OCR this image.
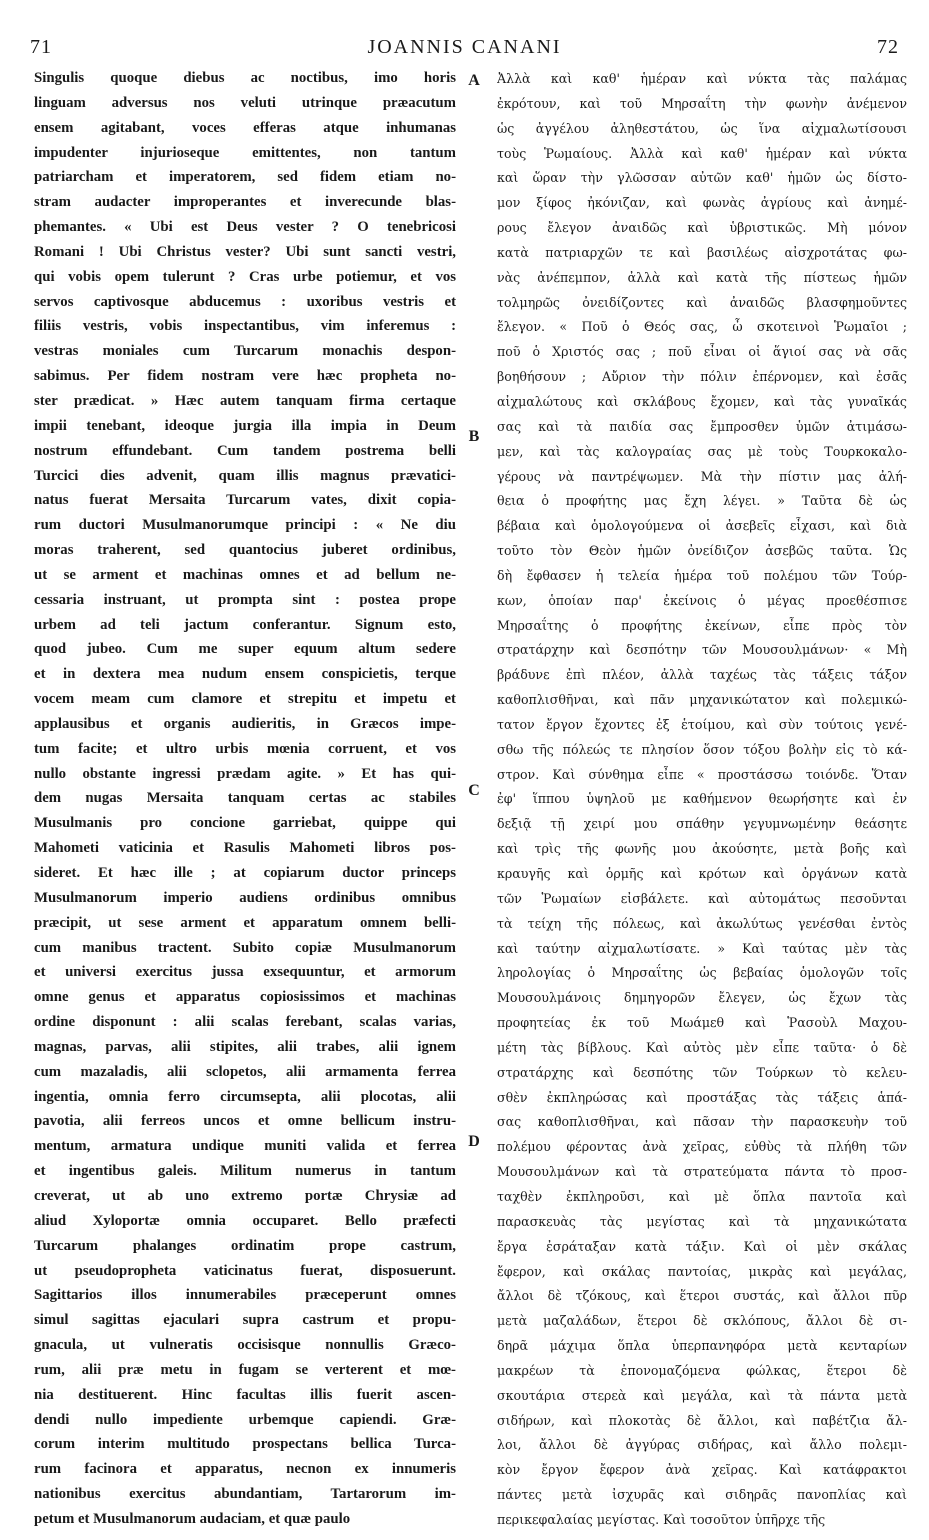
71	JOANNIS CANANI	72
Singulis quoque diebus ac noctibus, imo horis
linguam adversus nos veluti utrinque præacutum
ensem agitabant, voces efferas atque inhumanas
impudenter injurioseque emittentes, non tantum
patriarcham et imperatorem, sed fidem etiam no-
stram audacter improperantes et inverecunde blas-
phemantes. « Ubi est Deus vester ? O tenebricosi
Romani ! Ubi Christus vester? Ubi sunt sancti vestri,
qui vobis opem tulerunt ? Cras urbe potiemur, et vos
servos captivosque abducemus : uxoribus vestris et
filiis vestris, vobis inspectantibus, vim inferemus :
vestras moniales cum Turcarum monachis despon-
sabimus. Per fidem nostram vere hæc propheta no-
ster prædicat. » Hæc autem tanquam firma certaque
impii tenebant, ideoque jurgia illa impia in Deum
nostrum effundebant. Cum tandem postrema belli
Turcici dies advenit, quam illis magnus prævatici-
natus fuerat Mersaita Turcarum vates, dixit copia-
rum ductori Musulmanorumque principi : « Ne diu
moras traherent, sed quantocius juberet ordinibus,
ut se arment et machinas omnes et ad bellum ne-
cessaria instruant, ut prompta sint : postea prope
urbem ad teli jactum conferantur. Signum esto,
quod jubeo. Cum me super equum altum sedere
et in dextera mea nudum ensem conspicietis, terque
vocem meam cum clamore et strepitu et impetu et
applausibus et organis audieritis, in Græcos impe-
tum facite; et ultro urbis mœnia corruent, et vos
nullo obstante ingressi prædam agite. » Et has qui-
dem nugas Mersaita tanquam certas ac stabiles
Musulmanis pro concione garriebat, quippe qui
Mahometi vaticinia et Rasulis Mahometi libros pos-
sideret. Et hæc ille ; at copiarum ductor princeps
Musulmanorum imperio audiens ordinibus omnibus
præcipit, ut sese arment et apparatum omnem belli-
cum manibus tractent. Subito copiæ Musulmanorum
et universi exercitus jussa exsequuntur, et armorum
omne genus et apparatus copiosissimos et machinas
ordine disponunt : alii scalas ferebant, scalas varias,
magnas, parvas, alii stipites, alii trabes, alii ignem
cum mazaladis, alii sclopetos, alii armamenta ferrea
ingentia, omnia ferro circumsepta, alii plocotas, alii
pavotia, alii ferreos uncos et omne bellicum instru-
mentum, armatura undique muniti valida et ferrea
et ingentibus galeis. Militum numerus in tantum
creverat, ut ab uno extremo portæ Chrysiæ ad
aliud Xyloportæ omnia occuparet. Bello præfecti
Turcarum phalanges ordinatim prope castrum,
ut pseudopropheta vaticinatus fuerat, disposuerunt.
Sagittarios illos innumerabiles præceperunt omnes
simul sagittas ejaculari supra castrum et propu-
gnacula, ut vulneratis occisisque nonnullis Græco-
rum, alii præ metu in fugam se verterent et mœ-
nia destituerent. Hinc facultas illis fuerit ascen-
dendi nullo impediente urbemque capiendi. Græ-
corum interim multitudo prospectans bellica Turca-
rum facinora et apparatus, necnon ex innumeris
nationibus exercitus abundantiam, Tartarorum im-
petum et Musulmanorum audaciam, et quæ paulo
Ἀλλὰ καὶ καθ' ἡμέραν καὶ νύκτα τὰς παλάμας
ἐκρότουν, καὶ τοῦ Μηρσαΐτη τὴν φωνὴν ἀνέμενον
ὡς ἀγγέλου ἀληθεστάτου, ὡς ἵνα αἰχμαλωτίσουσι
τοὺς Ῥωμαίους. Ἀλλὰ καὶ καθ' ἡμέραν καὶ νύκτα
καὶ ὥραν τὴν γλῶσσαν αὐτῶν καθ' ἡμῶν ὡς δίστο-
μον ξίφος ἠκόνιζαν, καὶ φωνὰς ἀγρίους καὶ ἀνημέ-
ρους ἔλεγον ἀναιδῶς καὶ ὑβριστικῶς. Μὴ μόνον
κατὰ πατριαρχῶν τε καὶ βασιλέως αἰσχροτάτας φω-
νὰς ἀνέπεμπον, ἀλλὰ καὶ κατὰ τῆς πίστεως ἡμῶν
τολμηρῶς ὀνειδίζοντες καὶ ἀναιδῶς βλασφημοῦντες
ἔλεγον. « Ποῦ ὁ Θεός σας, ὦ σκοτεινοὶ Ῥωμαῖοι ;
ποῦ ὁ Χριστός σας ; ποῦ εἶναι οἱ ἅγιοί σας νὰ σᾶς
βοηθήσουν ; Αὔριον τὴν πόλιν ἐπέρνομεν, καὶ ἐσᾶς
αἰχμαλώτους καὶ σκλάβους ἔχομεν, καὶ τὰς γυναῖκάς
σας καὶ τὰ παιδία σας ἔμπροσθεν ὑμῶν ἀτιμάσω-
μεν, καὶ τὰς καλογραίας σας μὲ τοὺς Τουρκοκαλο-
γέρους νὰ παντρέψωμεν. Μὰ τὴν πίστιν μας ἀλή-
θεια ὁ προφήτης μας ἔχη λέγει. » Ταῦτα δὲ ὡς
βέβαια καὶ ὁμολογούμενα οἱ ἀσεβεῖς εἶχασι, καὶ διὰ
τοῦτο τὸν Θεὸν ἡμῶν ὀνείδιζον ἀσεβῶς ταῦτα. Ὡς
δὴ ἔφθασεν ἡ τελεία ἡμέρα τοῦ πολέμου τῶν Τούρ-
κων, ὁποίαν παρ' ἐκείνοις ὁ μέγας προεθέσπισε
Μηρσαΐτης ὁ προφήτης ἐκείνων, εἶπε πρὸς τὸν
στρατάρχην καὶ δεσπότην τῶν Μουσουλμάνων· « Μὴ
βράδυνε ἐπὶ πλέον, ἀλλὰ ταχέως τὰς τάξεις τάξον
καθοπλισθῆναι, καὶ πᾶν μηχανικώτατον καὶ πολεμικώ-
τατον ἔργον ἔχοντες ἐξ ἑτοίμου, καὶ σὺν τούτοις γενέ-
σθω τῆς πόλεώς τε πλησίον ὅσον τόξου βολὴν εἰς τὸ κά-
στρον. Καὶ σύνθημα εἶπε « προστάσσω τοιόνδε. Ὅταν
ἐφ' ἵππου ὑψηλοῦ με καθήμενον θεωρήσητε καὶ ἐν
δεξιᾷ τῇ χειρί μου σπάθην γεγυμνωμένην θεάσητε
καὶ τρὶς τῆς φωνῆς μου ἀκούσητε, μετὰ βοῆς καὶ
κραυγῆς καὶ ὁρμῆς καὶ κρότων καὶ ὀργάνων κατὰ
τῶν Ῥωμαίων εἰσβάλετε. καὶ αὐτομάτως πεσοῦνται
τὰ τείχη τῆς πόλεως, καὶ ἀκωλύτως γενέσθαι ἐντὸς
καὶ ταύτην αἰχμαλωτίσατε. » Καὶ ταύτας μὲν τὰς
ληρολογίας ὁ Μηρσαΐτης ὡς βεβαίας ὁμολογῶν τοῖς
Μουσουλμάνοις δημηγορῶν ἔλεγεν, ὡς ἔχων τὰς
προφητείας ἐκ τοῦ Μωάμεθ καὶ Ῥασοὺλ Μαχου-
μέτη τὰς βίβλους. Καὶ αὐτὸς μὲν εἶπε ταῦτα· ὁ δὲ
στρατάρχης καὶ δεσπότης τῶν Τούρκων τὸ κελευ-
σθὲν ἐκπληρώσας καὶ προστάξας τὰς τάξεις ἁπά-
σας καθοπλισθῆναι, καὶ πᾶσαν τὴν παρασκευὴν τοῦ
πολέμου φέροντας ἀνὰ χεῖρας, εὐθὺς τὰ πλήθη τῶν
Μουσουλμάνων καὶ τὰ στρατεύματα πάντα τὸ προσ-
ταχθὲν ἐκπληροῦσι, καὶ μὲ ὅπλα παντοῖα καὶ
παρασκευὰς τὰς μεγίστας καὶ τὰ μηχανικώτατα
ἔργα ἐσράταξαν κατὰ τάξιν. Καὶ οἱ μὲν σκάλας
ἔφερον, καὶ σκάλας παντοίας, μικρὰς καὶ μεγάλας,
ἄλλοι δὲ τζόκους, καὶ ἕτεροι συστάς, καὶ ἄλλοι πῦρ
μετὰ μαζαλάδων, ἕτεροι δὲ σκλόπους, ἄλλοι δὲ σι-
δηρᾶ μάχιμα ὅπλα ὑπερπανηφόρα μετὰ κενταρίων
μακρέων τὰ ἐπονομαζόμενα φώλκας, ἕτεροι δὲ
σκουτάρια στερεὰ καὶ μεγάλα, καὶ τὰ πάντα μετὰ
σιδήρων, καὶ πλοκοτὰς δὲ ἄλλοι, καὶ παβέτζια ἄλ-
λοι, ἄλλοι δὲ ἀγγύρας σιδήρας, καὶ ἄλλο πολεμι-
κὸν ἔργον ἔφερον ἀνὰ χεῖρας. Καὶ κατάφρακτοι
πάντες μετὰ ἰσχυρᾶς καὶ σιδηρᾶς πανοπλίας καὶ
περικεφαλαίας μεγίστας. Καὶ τοσοῦτον ὑπῆρχε τῆς
A
B
C
D
